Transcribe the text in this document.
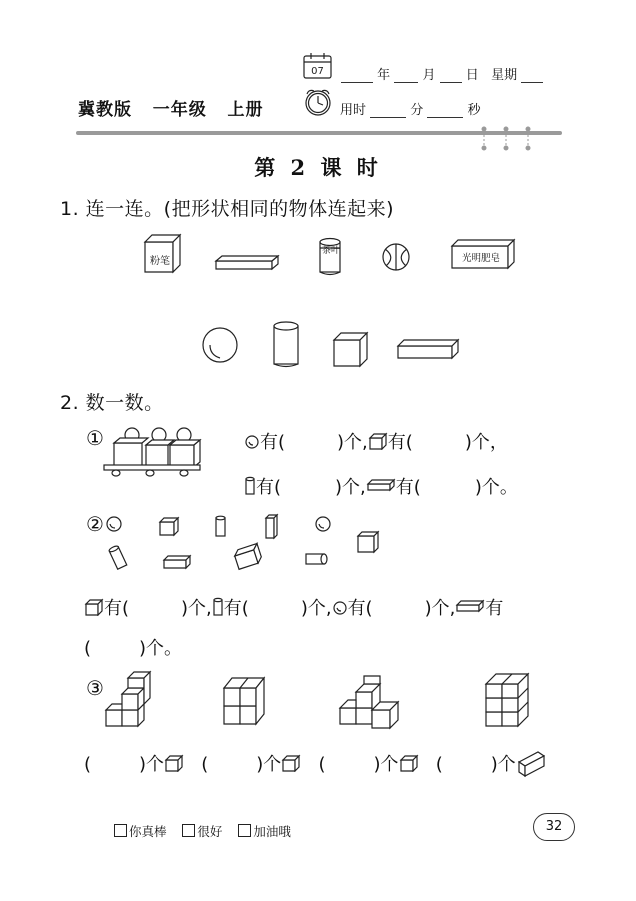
07	年 月 日 星期
冀教版 一年级 上册	用时	分	秒
第 2 课 时
1. 连一连。(把形状相同的物体连起来)
粉笔
茶叶
光明肥皂
2. 数一数。
①	有(	)个, 有(	)个，
有(	)个, 有(	)个。
②
有(	)个, 有(	)个, 有(	)个, 有
(	)个。
③
(	)个 (	)个 (	)个 (	)个
你真棒 很好 加油哦	32
